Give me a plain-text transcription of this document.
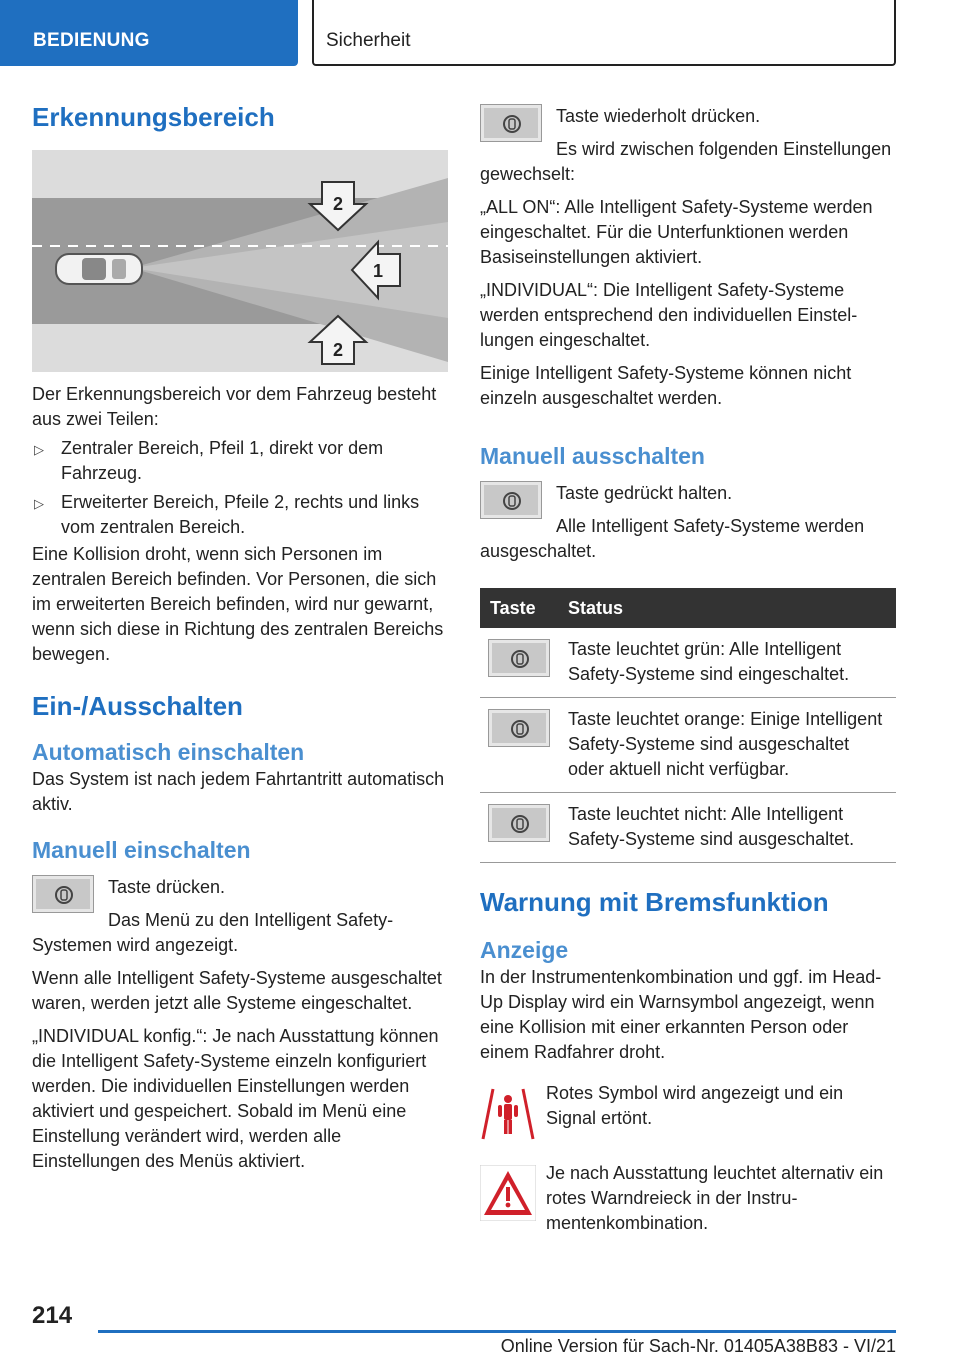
BEDIENUNG	Sicherheit
Erkennungsbereich
2
1
2

Der Erkennungsbereich vor dem Fahrzeug besteht aus zwei Teilen:

▷ Zentraler Bereich, Pfeil 1, direkt vor dem Fahrzeug.
▷ Erweiterter Bereich, Pfeile 2, rechts und links vom zentralen Bereich.

Eine Kollision droht, wenn sich Personen im zentralen Bereich befinden. Vor Personen, die sich im erweiterten Bereich befinden, wird nur gewarnt, wenn sich diese in Richtung des zentralen Bereichs bewegen.

Ein-/Ausschalten
Automatisch einschalten

Das System ist nach jedem Fahrtantritt automatisch aktiv.

Manuell einschalten

Taste drücken.

Das Menü zu den Intelligent Safety-Systemen wird angezeigt.

Wenn alle Intelligent Safety-Systeme ausgeschaltet waren, werden jetzt alle Systeme eingeschaltet.

„INDIVIDUAL konfig.“: Je nach Ausstattung können die Intelligent Safety-Systeme einzeln konfiguriert werden. Die individuellen Einstellungen werden aktiviert und gespeichert. Sobald im Menü eine Einstellung verändert wird, werden alle Einstellungen des Menüs aktiviert.

Taste wiederholt drücken.

Es wird zwischen folgenden Einstellungen gewechselt:

„ALL ON“: Alle Intelligent Safety-Systeme werden eingeschaltet. Für die Unterfunktionen werden Basiseinstellungen aktiviert.

„INDIVIDUAL“: Die Intelligent Safety-Systeme werden entsprechend den individuellen Einstellungen eingeschaltet.

Einige Intelligent Safety-Systeme können nicht einzeln ausgeschaltet werden.

Manuell ausschalten

Taste gedrückt halten.

Alle Intelligent Safety-Systeme werden ausgeschaltet.

Taste	Status

	Taste leuchtet grün: Alle Intelligent Safety-Systeme sind eingeschaltet.

	Taste leuchtet orange: Einige Intelligent Safety-Systeme sind ausgeschaltet oder aktuell nicht verfügbar.

	Taste leuchtet nicht: Alle Intelligent Safety-Systeme sind ausgeschaltet.
Warnung mit Bremsfunktion
Anzeige

In der Instrumentenkombination und ggf. im Head-Up Display wird ein Warnsymbol angezeigt, wenn eine Kollision mit einer erkannten Person oder einem Radfahrer droht.

Rotes Symbol wird angezeigt und ein Signal ertönt.

Je nach Ausstattung leuchtet alternativ ein rotes Warndreieck in der Instrumentenkombination.

214
Online Version für Sach-Nr. 01405A38B83 - VI/21
